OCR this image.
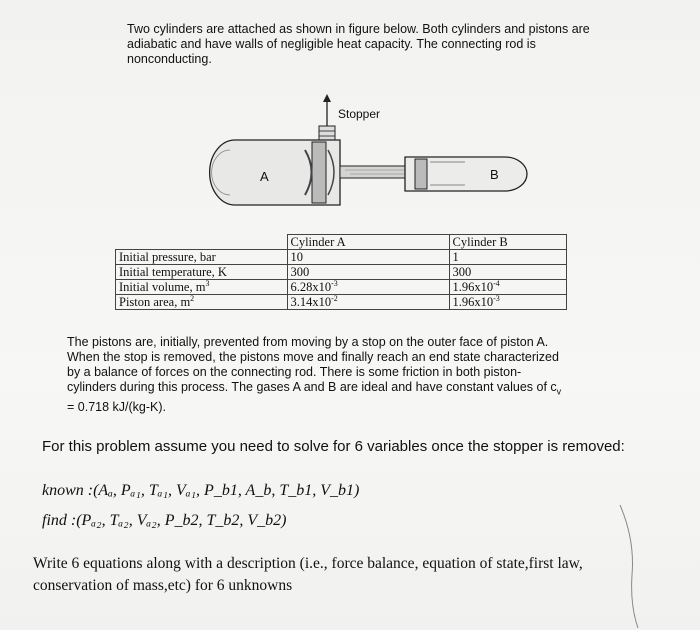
Two cylinders are attached as shown in figure below. Both cylinders and pistons are
adiabatic and have walls of negligible heat capacity. The connecting rod is
nonconducting.
Stopper
A	B
	Cylinder A	Cylinder B
Initial pressure, bar	10	1
Initial temperature, K	300	300
Initial volume, $m^3$	$6.28x10^{-3}$	$1.96x10^{-4}$
Piston area, $m^2$	$3.14x10^{-2}$	$1.96x10^{-3}$
The pistons are, initially, prevented from moving by a stop on the outer face of piston A.
When the stop is removed, the pistons move and finally reach an end state characterized
by a balance of forces on the connecting rod. There is some friction in both piston-
cylinders during this process. The gases A and B are ideal and have constant values of $c_v$
= 0.718 kJ/(kg-K).
For this problem assume you need to solve for 6 variables once the stopper is removed:
known :(Aₐ, Pₐ₁, Tₐ₁, Vₐ₁, P_b1, A_b, T_b1, V_b1)
find :(Pₐ₂, Tₐ₂, Vₐ₂, P_b2, T_b2, V_b2)
Write 6 equations along with a description (i.e., force balance, equation of state,first law,
conservation of mass,etc) for 6 unknowns
